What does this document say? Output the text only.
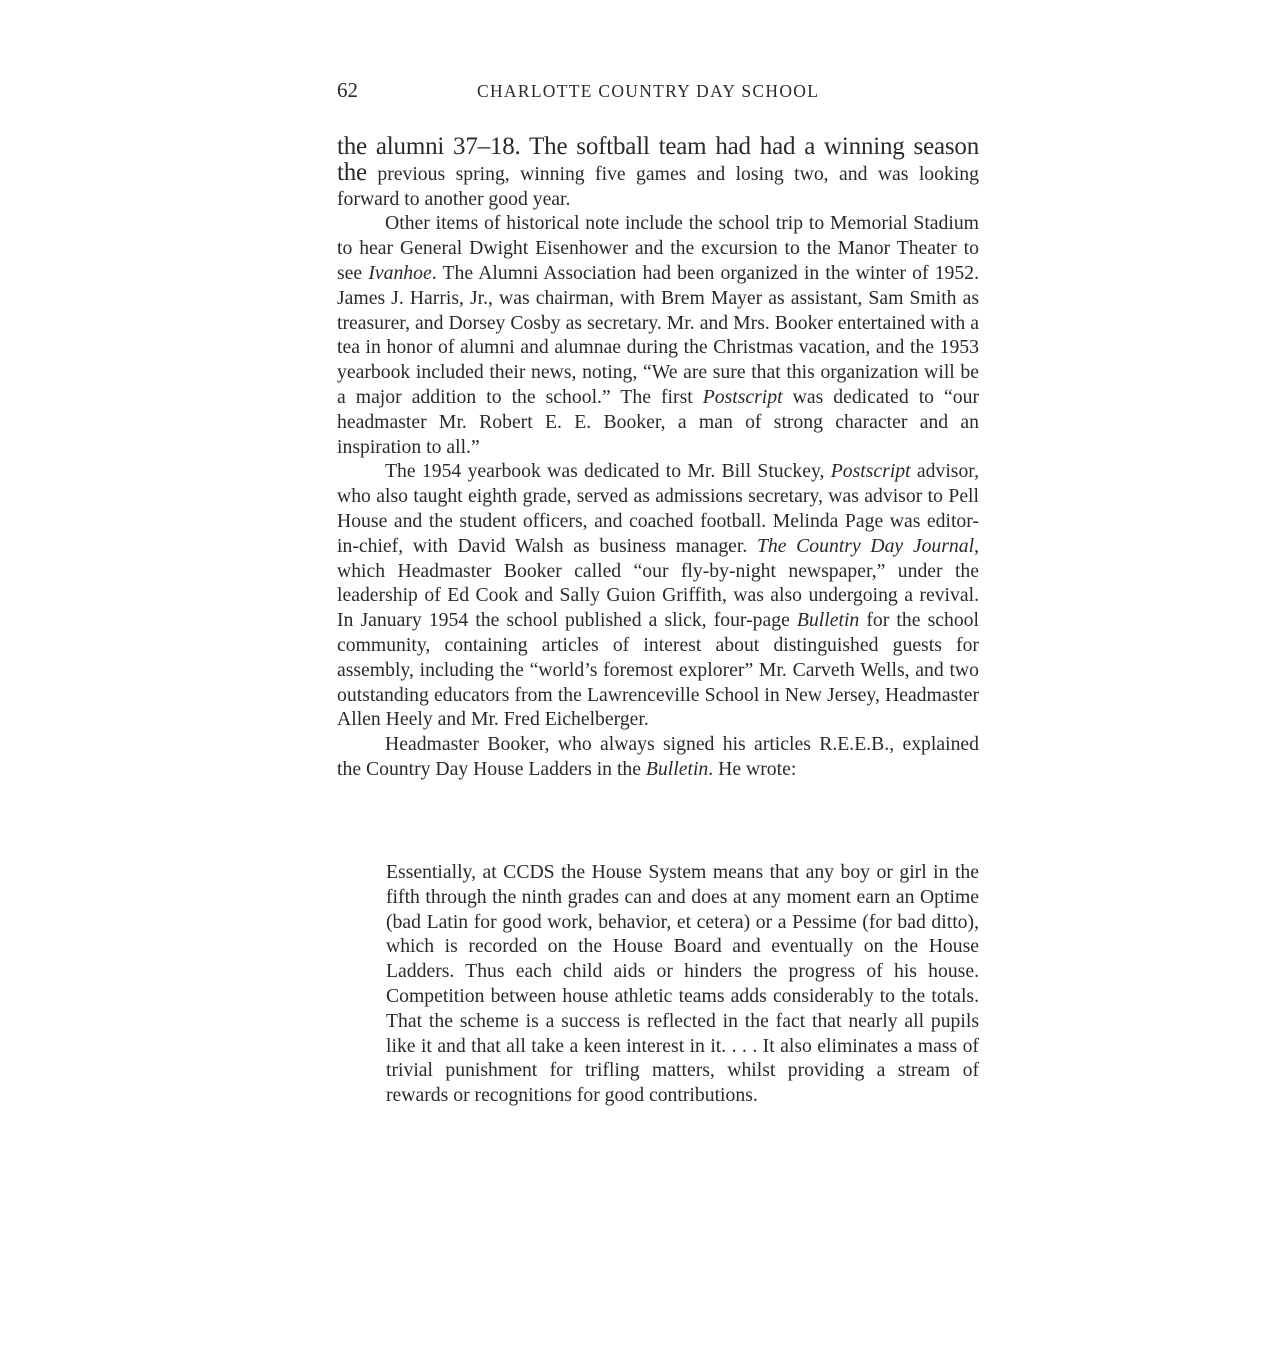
62	CHARLOTTE COUNTRY DAY SCHOOL

the alumni 37–18. The softball team had had a winning season the previous spring, winning five games and losing two, and was looking forward to another good year.

Other items of historical note include the school trip to Memorial Stadium to hear General Dwight Eisenhower and the excursion to the Manor Theater to see Ivanhoe. The Alumni Association had been organized in the winter of 1952. James J. Harris, Jr., was chairman, with Brem Mayer as assistant, Sam Smith as treasurer, and Dorsey Cosby as secretary. Mr. and Mrs. Booker entertained with a tea in honor of alumni and alumnae during the Christmas vacation, and the 1953 yearbook included their news, noting, “We are sure that this organization will be a major addition to the school.” The first Postscript was dedicated to “our headmaster Mr. Robert E. E. Booker, a man of strong character and an inspiration to all.”

The 1954 yearbook was dedicated to Mr. Bill Stuckey, Postscript advisor, who also taught eighth grade, served as admissions secretary, was advisor to Pell House and the student officers, and coached football. Melinda Page was editor-in-chief, with David Walsh as business manager. The Country Day Journal, which Headmaster Booker called “our fly-by-night newspaper,” under the leadership of Ed Cook and Sally Guion Griffith, was also undergoing a revival. In January 1954 the school published a slick, four-page Bulletin for the school community, containing articles of interest about distinguished guests for assembly, including the “world’s foremost explorer” Mr. Carveth Wells, and two outstanding educators from the Lawrenceville School in New Jersey, Headmaster Allen Heely and Mr. Fred Eichelberger.

Headmaster Booker, who always signed his articles R.E.E.B., explained the Country Day House Ladders in the Bulletin. He wrote:

Essentially, at CCDS the House System means that any boy or girl in the fifth through the ninth grades can and does at any moment earn an Optime (bad Latin for good work, behavior, et cetera) or a Pessime (for bad ditto), which is recorded on the House Board and eventually on the House Ladders. Thus each child aids or hinders the progress of his house. Competition between house athletic teams adds considerably to the totals. That the scheme is a success is reflected in the fact that nearly all pupils like it and that all take a keen interest in it. . . . It also eliminates a mass of trivial punishment for trifling matters, whilst providing a stream of rewards or recognitions for good contributions.
